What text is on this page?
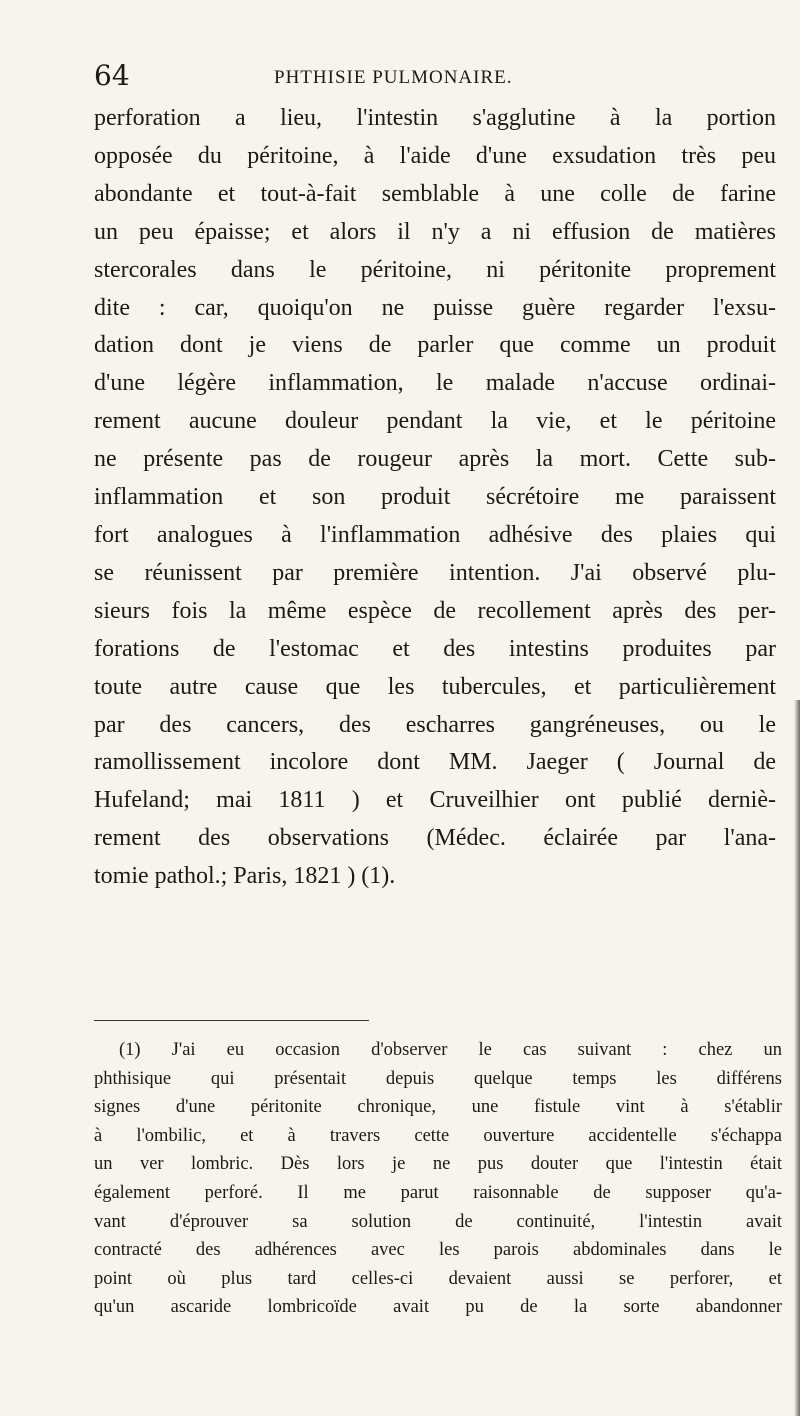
64	PHTHISIE PULMONAIRE.
perforation a lieu, l'intestin s'agglutine à la portion
opposée du péritoine, à l'aide d'une exsudation très peu
abondante et tout-à-fait semblable à une colle de farine
un peu épaisse; et alors il n'y a ni effusion de matières
stercorales dans le péritoine, ni péritonite proprement
dite : car, quoiqu'on ne puisse guère regarder l'exsu-
dation dont je viens de parler que comme un produit
d'une légère inflammation, le malade n'accuse ordinai-
rement aucune douleur pendant la vie, et le péritoine
ne présente pas de rougeur après la mort. Cette sub-
inflammation et son produit sécrétoire me paraissent
fort analogues à l'inflammation adhésive des plaies qui
se réunissent par première intention. J'ai observé plu-
sieurs fois la même espèce de recollement après des per-
forations de l'estomac et des intestins produites par
toute autre cause que les tubercules, et particulièrement
par des cancers, des escharres gangréneuses, ou le
ramollissement incolore dont MM. Jaeger ( Journal de
Hufeland; mai 1811 ) et Cruveilhier ont publié derniè-
rement des observations (Médec. éclairée par l'ana-
tomie pathol.; Paris, 1821 ) (1).
(1) J'ai eu occasion d'observer le cas suivant : chez un
phthisique qui présentait depuis quelque temps les différens
signes d'une péritonite chronique, une fistule vint à s'établir
à l'ombilic, et à travers cette ouverture accidentelle s'échappa
un ver lombric. Dès lors je ne pus douter que l'intestin était
également perforé. Il me parut raisonnable de supposer qu'a-
vant d'éprouver sa solution de continuité, l'intestin avait
contracté des adhérences avec les parois abdominales dans le
point où plus tard celles-ci devaient aussi se perforer, et
qu'un ascaride lombricoïde avait pu de la sorte abandonner
